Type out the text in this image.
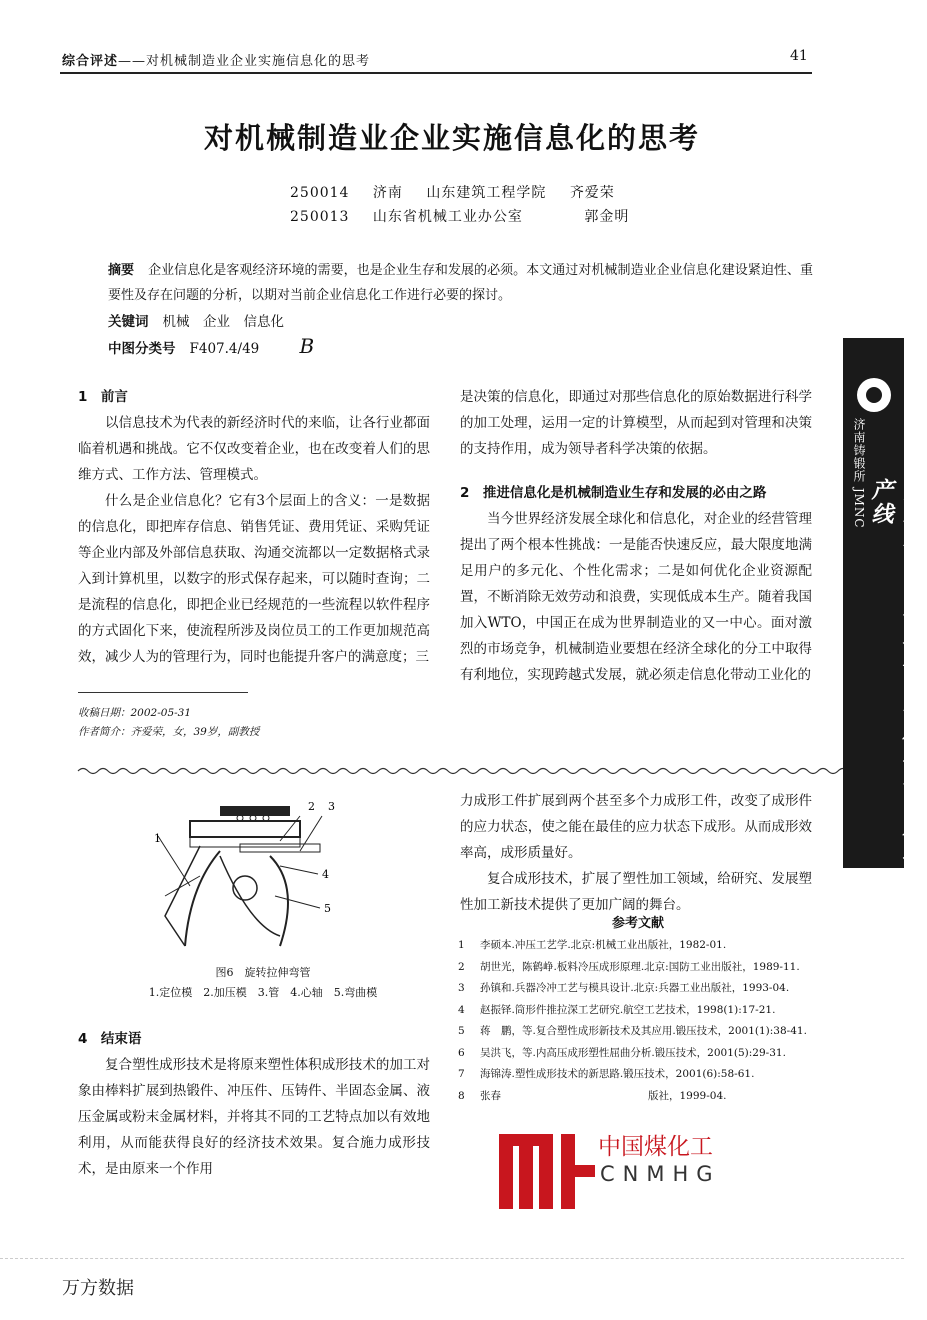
综合评述——对机械制造业企业实施信息化的思考	41
对机械制造业企业实施信息化的思考
250014 济南 山东建筑工程学院 齐爱荣
250013 山东省机械工业办公室	郭金明
摘要 企业信息化是客观经济环境的需要，也是企业生存和发展的必须。本文通过对机械制造业企业信息化建设紧迫性、重要性及存在问题的分析，以期对当前企业信息化工作进行必要的探讨。
关键词 机械　企业　信息化
中图分类号 F407.4/49 B
1　前言

以信息技术为代表的新经济时代的来临，让各行业都面临着机遇和挑战。它不仅改变着企业，也在改变着人们的思维方式、工作方法、管理模式。

什么是企业信息化？它有3个层面上的含义：一是数据的信息化，即把库存信息、销售凭证、费用凭证、采购凭证等企业内部及外部信息获取、沟通交流都以一定数据格式录入到计算机里，以数字的形式保存起来，可以随时查询；二是流程的信息化，即把企业已经规范的一些流程以软件程序的方式固化下来，使流程所涉及岗位员工的工作更加规范高效，减少人为的管理行为，同时也能提升客户的满意度；三

收稿日期：2002-05-31
作者简介：齐爱荣，女，39岁，副教授

是决策的信息化，即通过对那些信息化的原始数据进行科学的加工处理，运用一定的计算模型，从而起到对管理和决策的支持作用，成为领导者科学决策的依据。

2　推进信息化是机械制造业生存和发展的必由之路

当今世界经济发展全球化和信息化，对企业的经营管理提出了两个根本性挑战：一是能否快速反应，最大限度地满足用户的多元化、个性化需求；二是如何优化企业资源配置，不断消除无效劳动和浪费，实现低成本生产。随着我国加入WTO，中国正在成为世界制造业的又一中心。面对激烈的市场竞争，机械制造业要想在经济全球化的分工中取得有利地位，实现跨越式发展，就必须走信息化带动工业化的

1
2 3
4
5
图6　旋转拉伸弯管
1.定位模　2.加压模　3.管　4.心轴　5.弯曲模
4　结束语

复合塑性成形技术是将原来塑性体积成形技术的加工对象由棒料扩展到热锻件、冲压件、压铸件、半固态金属、液压金属或粉末金属材料，并将其不同的工艺特点加以有效地利用，从而能获得良好的经济技术效果。复合施力成形技术，是由原来一个作用

力成形工件扩展到两个甚至多个力成形工件，改变了成形件的应力状态，使之能在最佳的应力状态下成形。从而成形效率高，成形质量好。

复合成形技术，扩展了塑性加工领域，给研究、发展塑性加工新技术提供了更加广阔的舞台。

参考文献
1 李硕本.冲压工艺学.北京:机械工业出版社，1982-01.
2 胡世光，陈鹤峥.板料冷压成形原理.北京:国防工业出版社，1989-11.
3 孙镇和.兵器冷冲工艺与模具设计.北京:兵器工业出版社，1993-04.
4 赵振铎.筒形件推拉深工艺研究.航空工艺技术，1998(1):17-21.
5 蒋　鹏，等.复合塑性成形新技术及其应用.锻压技术，2001(1):38-41.
6 吴洪飞，等.内高压成形塑性屈曲分析.锻压技术，2001(5):29-31.
7 海锦涛.塑性成形技术的新思路.锻压技术，2001(6):58-61.
8 张春　　　　　　　　　　　　　　版社，1999-04.
济南铸锻所 JMNC
向您提供各种数控钣材加工装备及生产线
中国煤化工
CNMHG
万方数据
